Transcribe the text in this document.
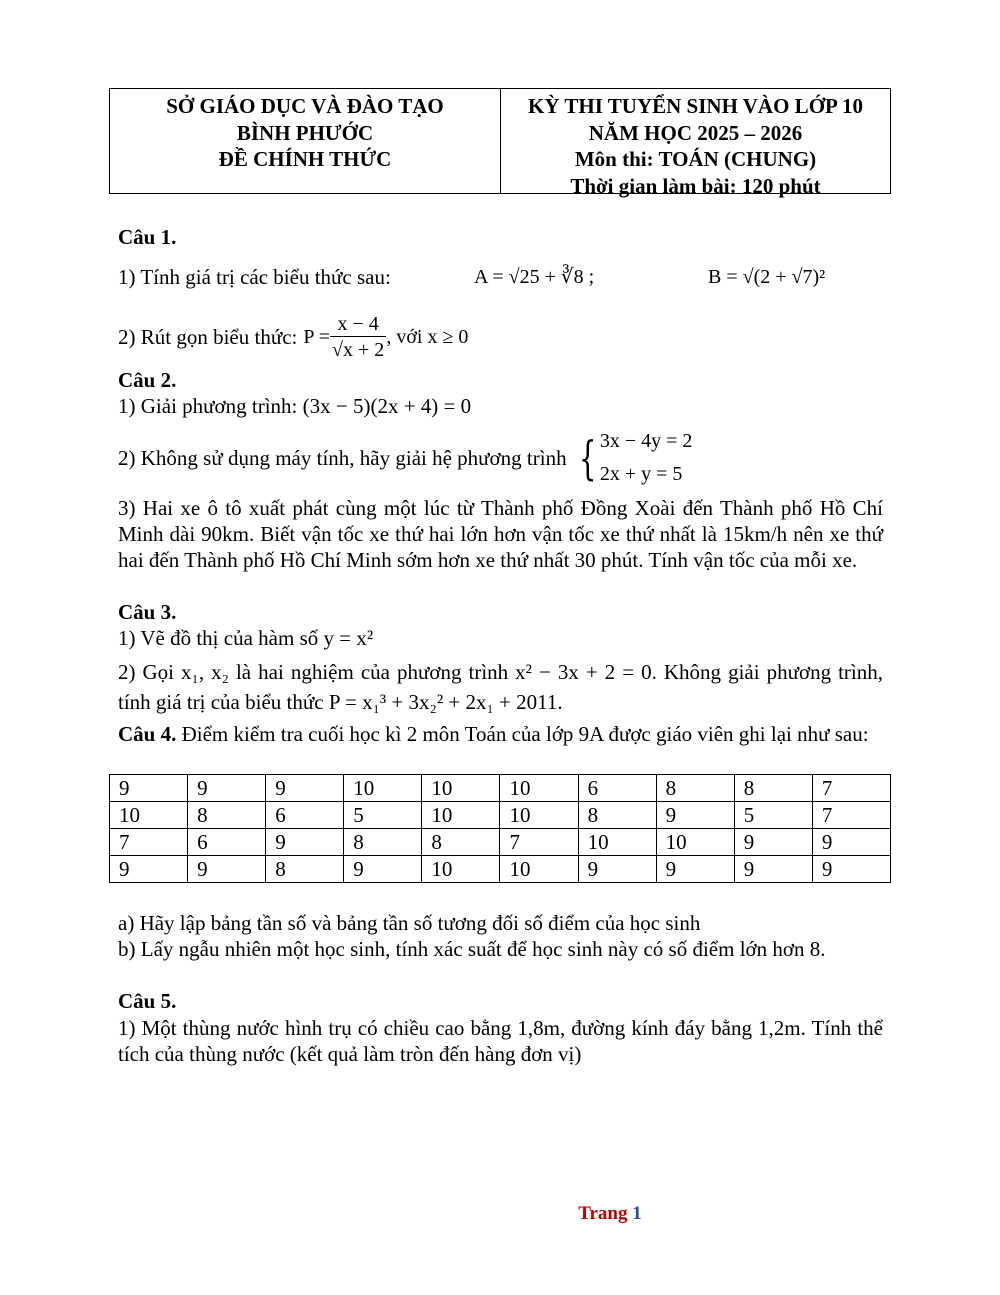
SỞ GIÁO DỤC VÀ ĐÀO TẠO
BÌNH PHƯỚC
ĐỀ CHÍNH THỨC
KỲ THI TUYỂN SINH VÀO LỚP 10
NĂM HỌC 2025 – 2026
Môn thi: TOÁN (CHUNG)
Thời gian làm bài: 120 phút
Câu 1.
1) Tính giá trị các biểu thức sau:	A = √25 + ∛8 ;	B = √(2 + √7)²
2) Rút gọn biểu thức: $P = \frac{x - 4}{√x + 2}$ , với x ≥ 0
Câu 2.
1) Giải phương trình: (3x − 5)(2x + 4) = 0
2) Không sử dụng máy tính, hãy giải hệ phương trình { 3x − 4y = 2
2x + y = 5
3) Hai xe ô tô xuất phát cùng một lúc từ Thành phố Đồng Xoài đến Thành phố Hồ Chí Minh dài 90km. Biết vận tốc xe thứ hai lớn hơn vận tốc xe thứ nhất là 15km/h nên xe thứ hai đến Thành phố Hồ Chí Minh sớm hơn xe thứ nhất 30 phút. Tính vận tốc của mỗi xe.
Câu 3.
1) Vẽ đồ thị của hàm số y = x²
2) Gọi x₁, x₂ là hai nghiệm của phương trình x² − 3x + 2 = 0. Không giải phương trình, tính giá trị của biểu thức P = x₁³ + 3x₂² + 2x₁ + 2011.
Câu 4. Điểm kiểm tra cuối học kì 2 môn Toán của lớp 9A được giáo viên ghi lại như sau:
9	9	9	10	10	10	6	8	8	7
10	8	6	5	10	10	8	9	5	7
7	6	9	8	8	7	10	10	9	9
9	9	8	9	10	10	9	9	9	9
a) Hãy lập bảng tần số và bảng tần số tương đối số điểm của học sinh
b) Lấy ngẫu nhiên một học sinh, tính xác suất để học sinh này có số điểm lớn hơn 8.
Câu 5.
1) Một thùng nước hình trụ có chiều cao bằng 1,8m, đường kính đáy bằng 1,2m. Tính thể tích của thùng nước (kết quả làm tròn đến hàng đơn vị)
Trang 1
